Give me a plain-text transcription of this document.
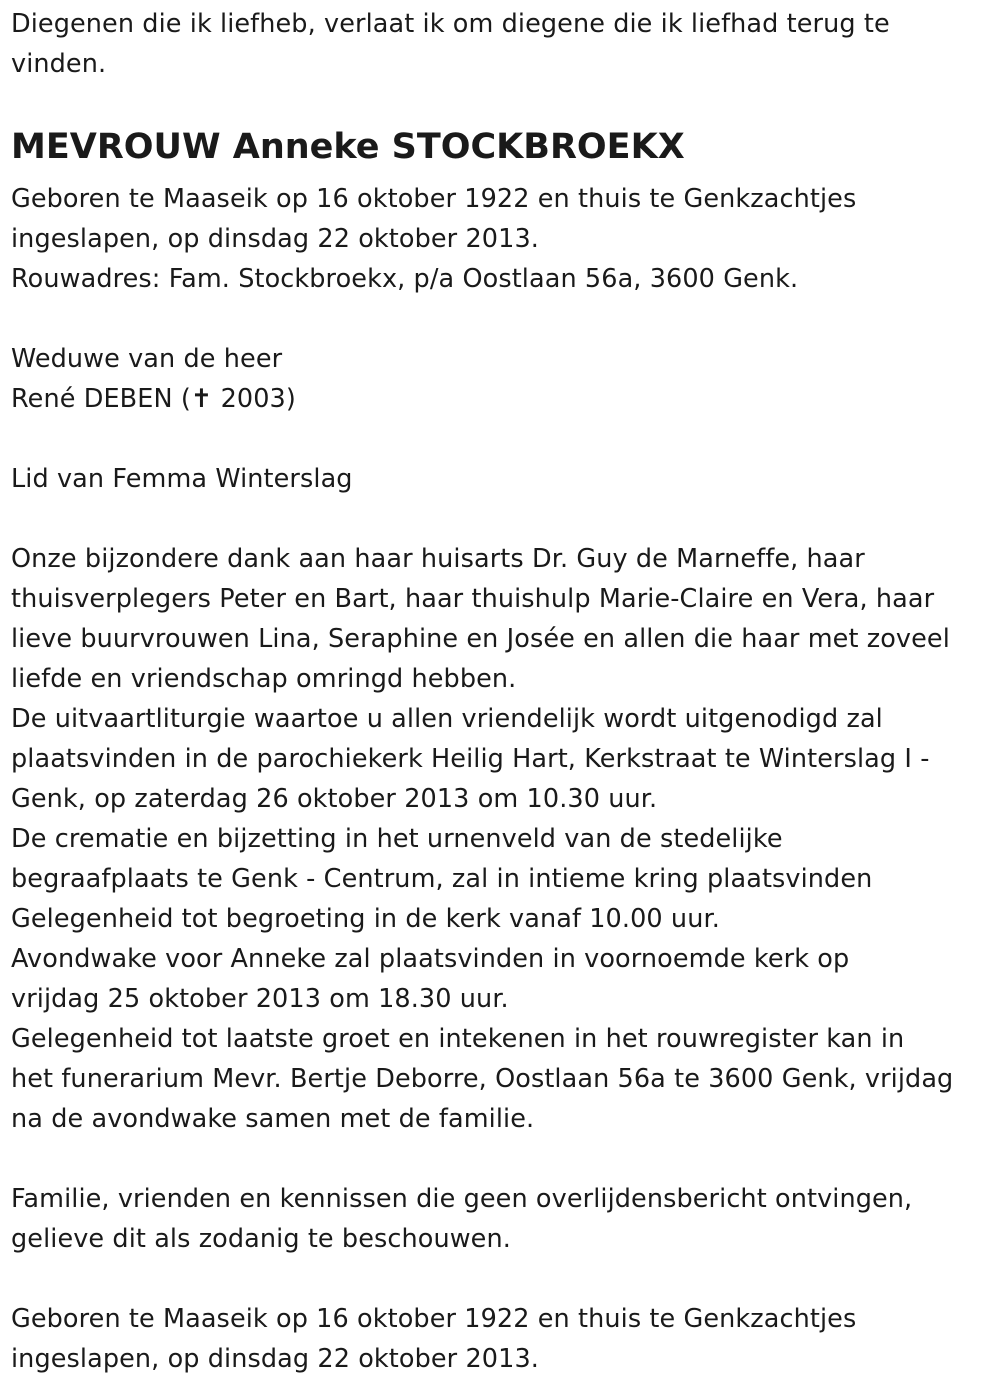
Diegenen die ik liefheb, verlaat ik om diegene die ik liefhad terug te
vinden.
MEVROUW Anneke STOCKBROEKX
Geboren te Maaseik op 16 oktober 1922 en thuis te Genkzachtjes
ingeslapen, op dinsdag 22 oktober 2013.
Rouwadres: Fam. Stockbroekx, p/a Oostlaan 56a, 3600 Genk.
Weduwe van de heer
René DEBEN (✝ 2003)
Lid van Femma Winterslag
Onze bijzondere dank aan haar huisarts Dr. Guy de Marneffe, haar
thuisverplegers Peter en Bart, haar thuishulp Marie-Claire en Vera, haar
lieve buurvrouwen Lina, Seraphine en Josée en allen die haar met zoveel
liefde en vriendschap omringd hebben.
De uitvaartliturgie waartoe u allen vriendelijk wordt uitgenodigd zal
plaatsvinden in de parochiekerk Heilig Hart, Kerkstraat te Winterslag I -
Genk, op zaterdag 26 oktober 2013 om 10.30 uur.
De crematie en bijzetting in het urnenveld van de stedelijke
begraafplaats te Genk - Centrum, zal in intieme kring plaatsvinden
Gelegenheid tot begroeting in de kerk vanaf 10.00 uur.
Avondwake voor Anneke zal plaatsvinden in voornoemde kerk op
vrijdag 25 oktober 2013 om 18.30 uur.
Gelegenheid tot laatste groet en intekenen in het rouwregister kan in
het funerarium Mevr. Bertje Deborre, Oostlaan 56a te 3600 Genk, vrijdag
na de avondwake samen met de familie.
Familie, vrienden en kennissen die geen overlijdensbericht ontvingen,
gelieve dit als zodanig te beschouwen.
Geboren te Maaseik op 16 oktober 1922 en thuis te Genkzachtjes
ingeslapen, op dinsdag 22 oktober 2013.
